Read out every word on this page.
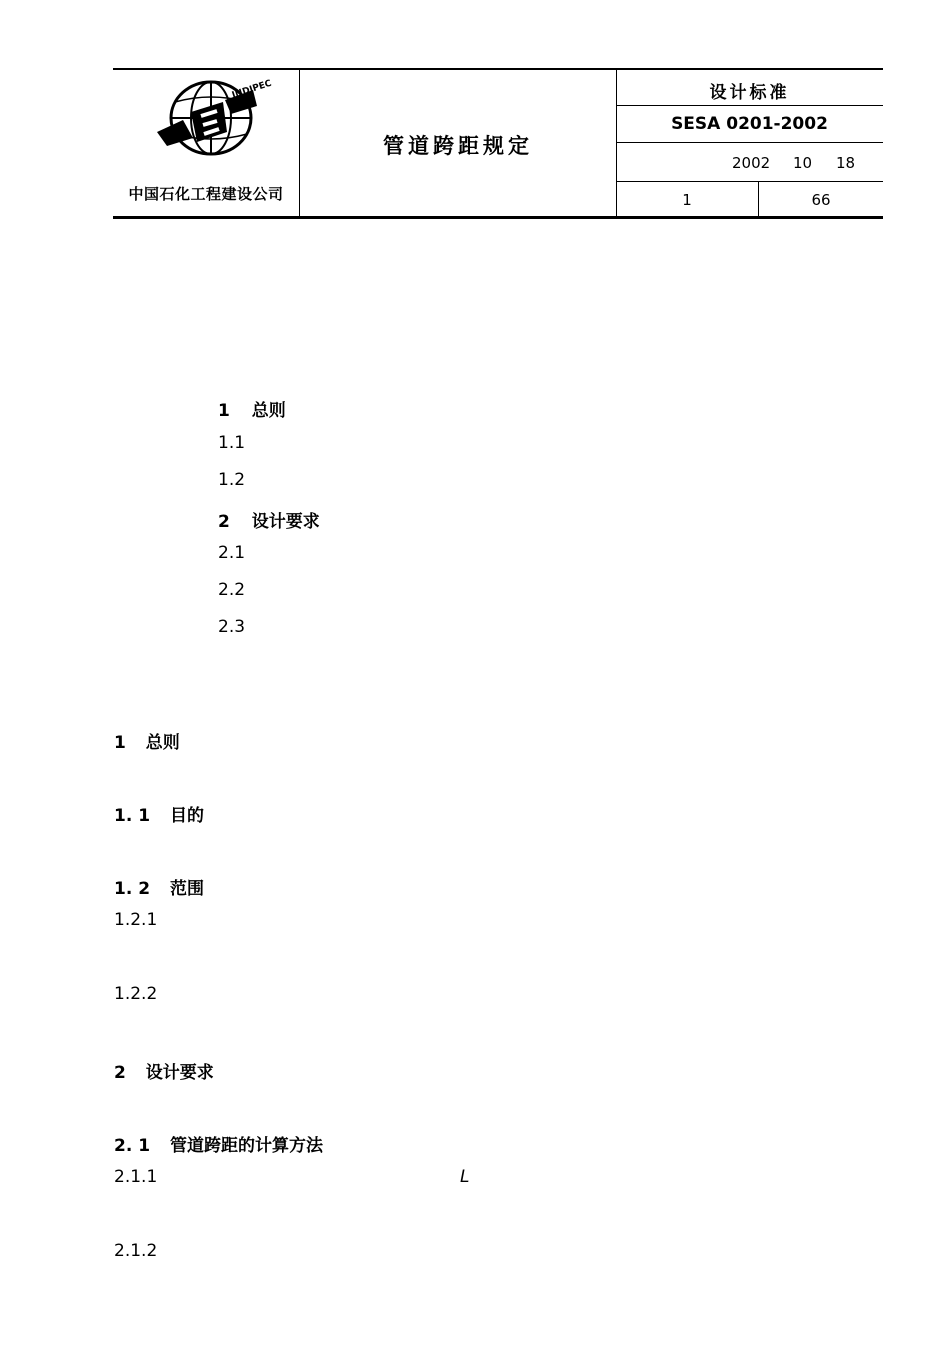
INDIPEC
中国石化工程建设公司
管道跨距规定
设计标准
SESA 0201-2002
2002 10 18
1	66
1 总则
1.1
1.2
2 设计要求
2.1
2.2
2.3
1 总则
1. 1 目的
1. 2 范围
1.2.1
1.2.2
2 设计要求
2. 1 管道跨距的计算方法
2.1.1	L
2.1.2
